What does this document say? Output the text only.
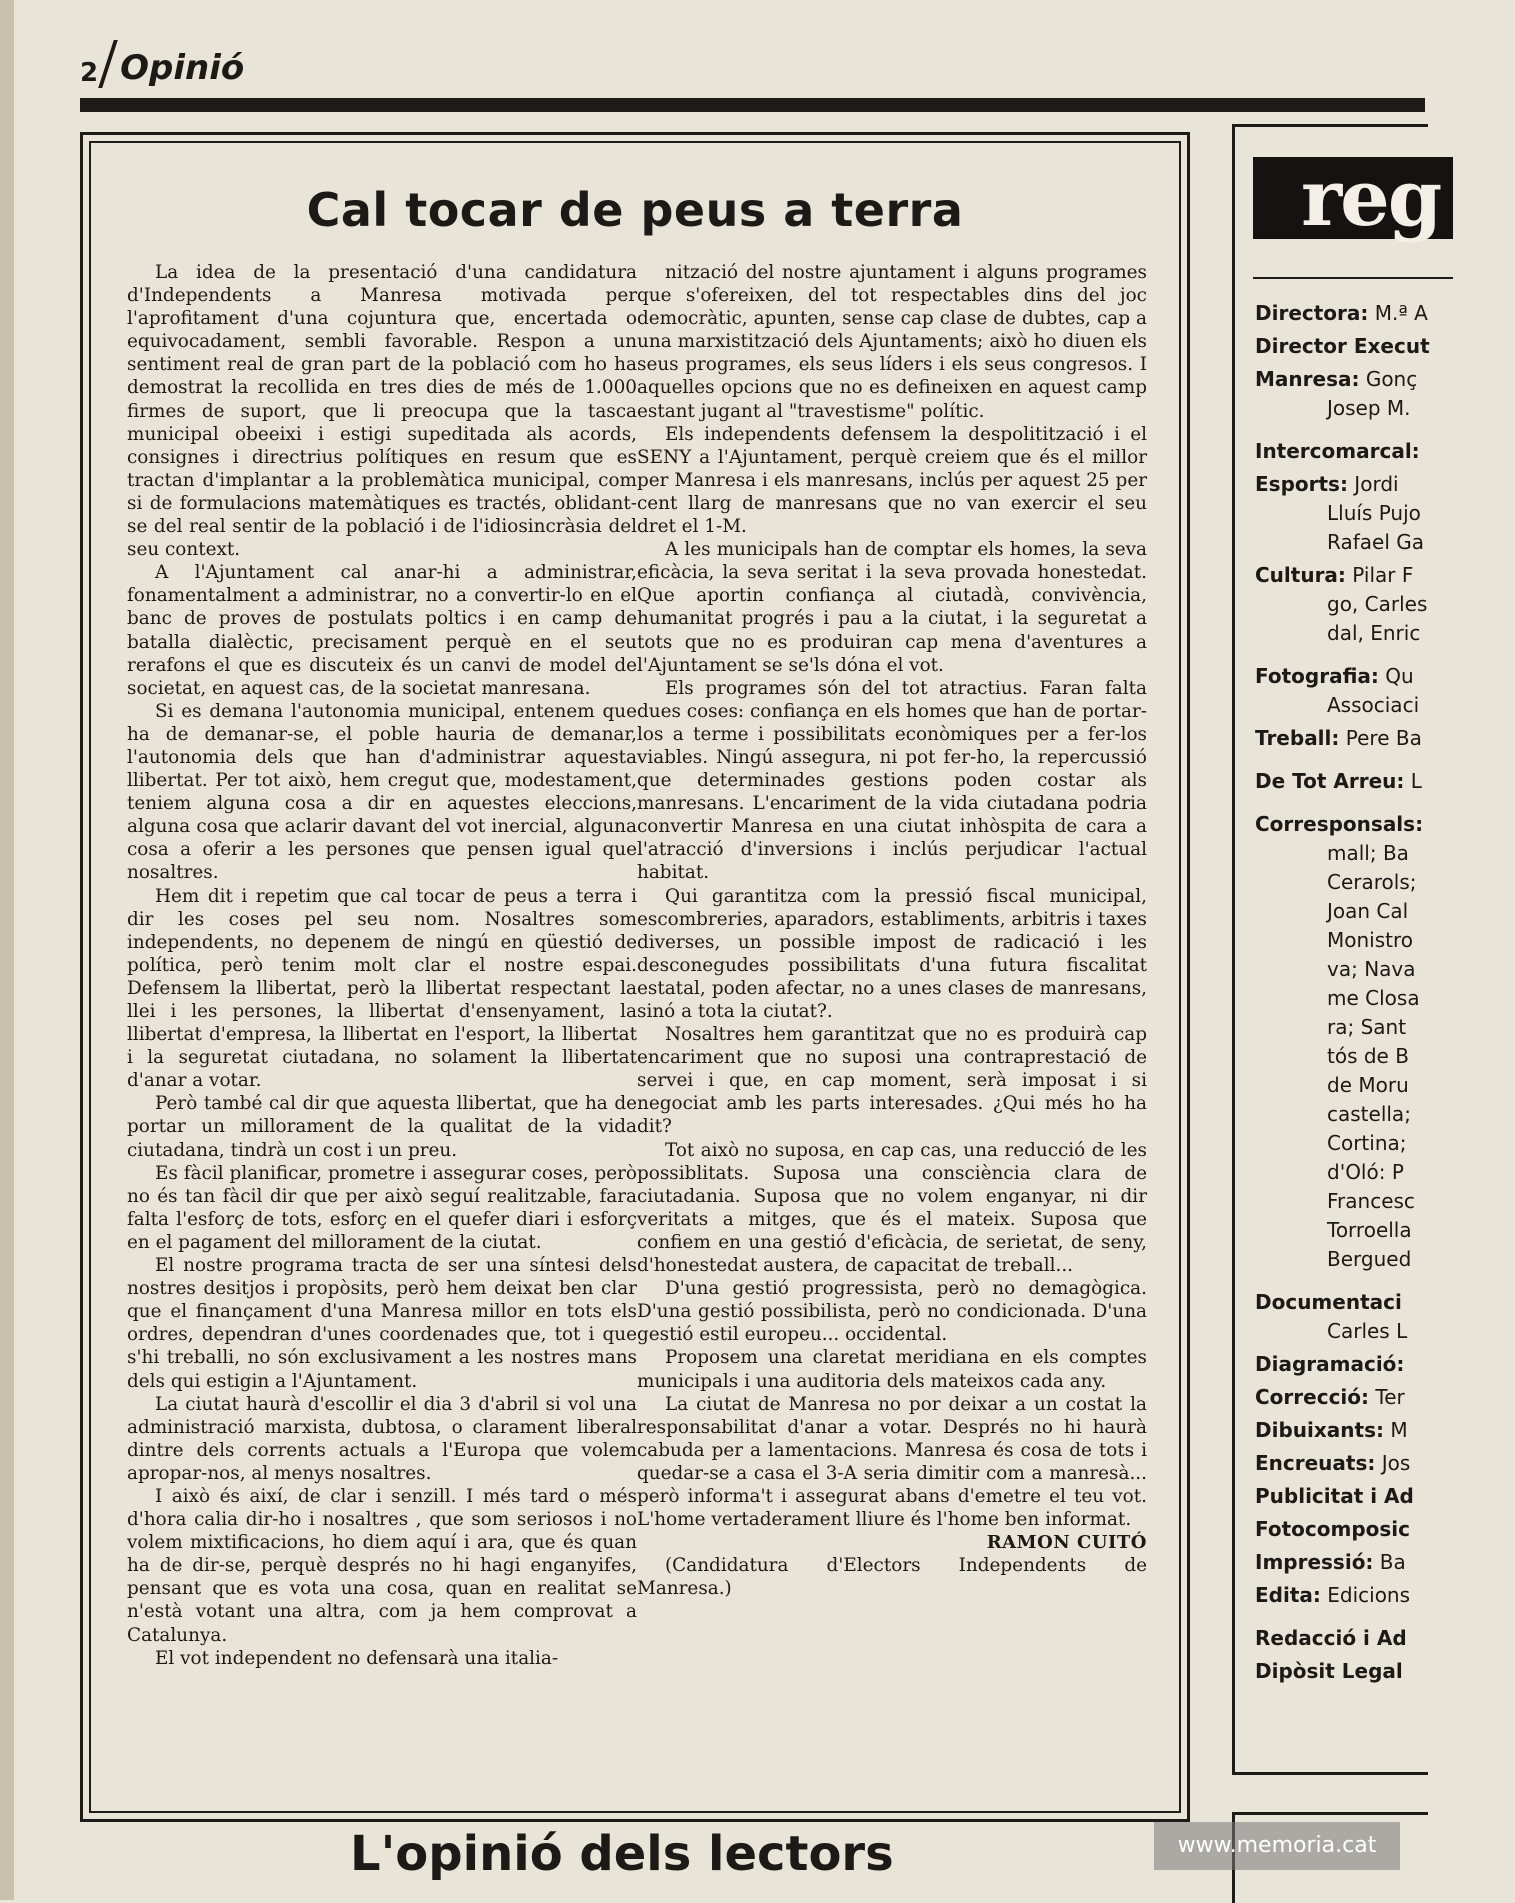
2 Opinió
Cal tocar de peus a terra

La idea de la presentació d'una candidatura d'Independents a Manresa motivada per l'aprofitament d'una cojuntura que, encertada o equivocadament, sembli favorable. Respon a un sentiment real de gran part de la població com ho ha demostrat la recollida en tres dies de més de 1.000 firmes de suport, que li preocupa que la tasca municipal obeeixi i estigi supeditada als acords, consignes i directrius polítiques en resum que es tractan d'implantar a la problemàtica municipal, com si de formulacions matemàtiques es tractés, oblidant-se del real sentir de la població i de l'idiosincràsia del seu context.

A l'Ajuntament cal anar-hi a administrar, fonamentalment a administrar, no a convertir-lo en el banc de proves de postulats poltics i en camp de batalla dialèctic, precisament perquè en el seu rerafons el que es discuteix és un canvi de model de societat, en aquest cas, de la societat manresana.

Si es demana l'autonomia municipal, entenem que ha de demanar-se, el poble hauria de demanar, l'autonomia dels que han d'administrar aquesta llibertat. Per tot això, hem cregut que, modestament, teniem alguna cosa a dir en aquestes eleccions, alguna cosa que aclarir davant del vot inercial, alguna cosa a oferir a les persones que pensen igual que nosaltres.

Hem dit i repetim que cal tocar de peus a terra i dir les coses pel seu nom. Nosaltres som independents, no depenem de ningú en qüestió de política, però tenim molt clar el nostre espai. Defensem la llibertat, però la llibertat respectant la llei i les persones, la llibertat d'ensenyament, la llibertat d'empresa, la llibertat en l'esport, la llibertat i la seguretat ciutadana, no solament la llibertat d'anar a votar.

Però també cal dir que aquesta llibertat, que ha de portar un millorament de la qualitat de la vida ciutadana, tindrà un cost i un preu.

Es fàcil planificar, prometre i assegurar coses, però no és tan fàcil dir que per això seguí realitzable, fara falta l'esforç de tots, esforç en el quefer diari i esforç en el pagament del millorament de la ciutat.

El nostre programa tracta de ser una síntesi dels nostres desitjos i propòsits, però hem deixat ben clar que el finançament d'una Manresa millor en tots els ordres, dependran d'unes coordenades que, tot i que s'hi treballi, no són exclusivament a les nostres mans dels qui estigin a l'Ajuntament.

La ciutat haurà d'escollir el dia 3 d'abril si vol una administració marxista, dubtosa, o clarament liberal dintre dels corrents actuals a l'Europa que volem apropar-nos, al menys nosaltres.

I això és així, de clar i senzill. I més tard o més d'hora calia dir-ho i nosaltres , que som seriosos i no volem mixtificacions, ho diem aquí i ara, que és quan ha de dir-se, perquè després no hi hagi enganyifes, pensant que es vota una cosa, quan en realitat se n'està votant una altra, com ja hem comprovat a Catalunya.

El vot independent no defensarà una italia-

nització del nostre ajuntament i alguns programes que s'ofereixen, del tot respectables dins del joc democràtic, apunten, sense cap clase de dubtes, cap a una marxistització dels Ajuntaments; això ho diuen els seus programes, els seus líders i els seus congresos. I aquelles opcions que no es defineixen en aquest camp estant jugant al "travestisme" polític.

Els independents defensem la despolitització i el SENY a l'Ajuntament, perquè creiem que és el millor per Manresa i els manresans, inclús per aquest 25 per cent llarg de manresans que no van exercir el seu dret el 1-M.

A les municipals han de comptar els homes, la seva eficàcia, la seva seritat i la seva provada honestedat. Que aportin confiança al ciutadà, convivència, humanitat progrés i pau a la ciutat, i la seguretat a tots que no es produiran cap mena d'aventures a l'Ajuntament se se'ls dóna el vot.

Els programes són del tot atractius. Faran falta dues coses: confiança en els homes que han de portar-los a terme i possibilitats econòmiques per a fer-los viables. Ningú assegura, ni pot fer-ho, la repercussió que determinades gestions poden costar als manresans. L'encariment de la vida ciutadana podria convertir Manresa en una ciutat inhòspita de cara a l'atracció d'inversions i inclús perjudicar l'actual habitat.

Qui garantitza com la pressió fiscal municipal, escombreries, aparadors, establiments, arbitris i taxes diverses, un possible impost de radicació i les desconegudes possibilitats d'una futura fiscalitat estatal, poden afectar, no a unes clases de manresans, sinó a tota la ciutat?.

Nosaltres hem garantitzat que no es produirà cap encariment que no suposi una contraprestació de servei i que, en cap moment, serà imposat i si negociat amb les parts interesades. ¿Qui més ho ha dit?

Tot això no suposa, en cap cas, una reducció de les possiblitats. Suposa una consciència clara de ciutadania. Suposa que no volem enganyar, ni dir veritats a mitges, que és el mateix. Suposa que confiem en una gestió d'eficàcia, de serietat, de seny, d'honestedat austera, de capacitat de treball...

D'una gestió progressista, però no demagògica. D'una gestió possibilista, però no condicionada. D'una gestió estil europeu... occidental.

Proposem una claretat meridiana en els comptes municipals i una auditoria dels mateixos cada any.

La ciutat de Manresa no por deixar a un costat la responsabilitat d'anar a votar. Després no hi haurà cabuda per a lamentacions. Manresa és cosa de tots i quedar-se a casa el 3-A seria dimitir com a manresà... però informa't i assegurat abans d'emetre el teu vot. L'home vertaderament lliure és l'home ben informat.

RAMON CUITÓ

(Candidatura d'Electors Independents de Manresa.)

reg
Directora: M.ª A
Director Execut
Manresa: Gonç
Josep M.
Intercomarcal:
Esports: Jordi
Lluís Pujo
Rafael Ga
Cultura: Pilar F
go, Carles
dal, Enric
Fotografia: Qu
Associaci
Treball: Pere Ba
De Tot Arreu: L
Corresponsals:
mall; Ba
Cerarols;
Joan Cal
Monistro
va; Nava
me Closa
ra; Sant
tós de B
de Moru
castella;
Cortina;
d'Oló: P
Francesc
Torroella
Bergued
Documentaci
Carles L
Diagramació:
Correcció: Ter
Dibuixants: M
Encreuats: Jos
Publicitat i Ad
Fotocomposic
Impressió: Ba
Edita: Edicions
Redacció i Ad
Dipòsit Legal
L'opinió dels lectors	www.memoria.cat
